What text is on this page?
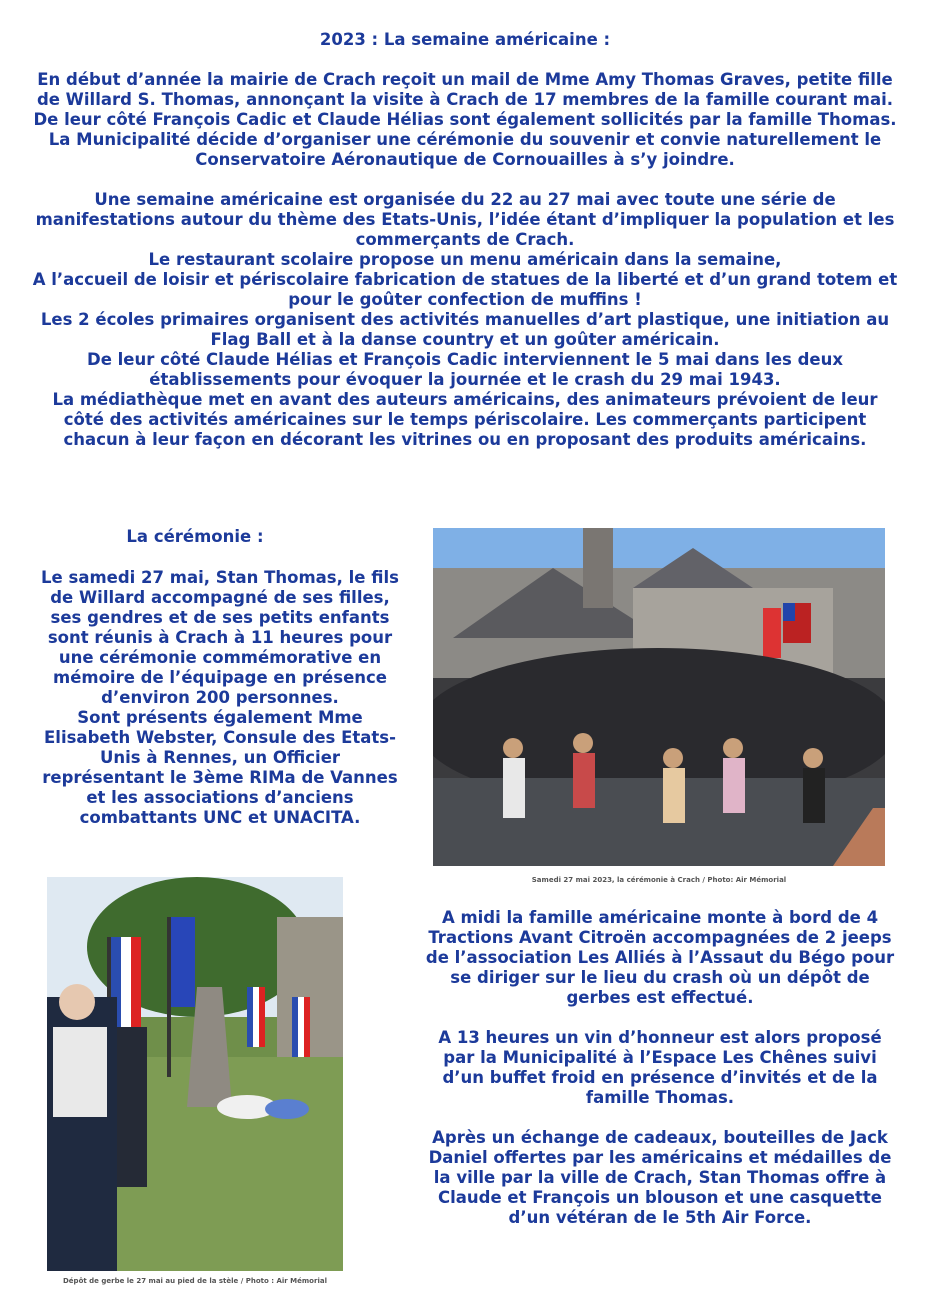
2023 : La semaine américaine :

En début d’année la mairie de Crach reçoit un mail de Mme Amy Thomas Graves, petite fille de Willard S. Thomas, annonçant la visite à Crach de 17 membres de la famille courant mai.

De leur côté François Cadic et Claude Hélias sont également sollicités par la famille Thomas.

La Municipalité décide d’organiser une cérémonie du souvenir et convie naturellement le Conservatoire Aéronautique de Cornouailles à s’y joindre.

Une semaine américaine est organisée du 22 au 27 mai avec toute une série de manifestations autour du thème des Etats-Unis, l’idée étant d’impliquer la population et les commerçants de Crach.

Le restaurant scolaire propose un menu américain dans la semaine,

A l’accueil de loisir et périscolaire fabrication de statues de la liberté et d’un grand totem et pour le goûter confection de muffins !

Les 2 écoles primaires organisent des activités manuelles d’art plastique, une initiation au Flag Ball et à la danse country et un goûter américain.

De leur côté Claude Hélias et François Cadic interviennent le 5 mai dans les deux établissements pour évoquer la journée et le crash du 29 mai 1943.

La médiathèque met en avant des auteurs américains, des animateurs prévoient de leur côté des activités américaines sur le temps périscolaire. Les commerçants participent chacun à leur façon en décorant les vitrines ou en proposant des produits américains.

La cérémonie :

Le samedi 27 mai, Stan Thomas, le fils de Willard accompagné de ses filles, ses gendres et de ses petits enfants sont réunis à Crach à 11 heures pour une cérémonie commémorative en mémoire de l’équipage en présence d’environ 200 personnes.

Sont présents également Mme Elisabeth Webster, Consule des Etats-Unis à Rennes, un Officier représentant le 3ème RIMa de Vannes et les associations d’anciens combattants UNC et UNACITA.

Samedi 27 mai 2023, la cérémonie à Crach / Photo: Air Mémorial

Dépôt de gerbe le 27 mai au pied de la stèle / Photo : Air Mémorial

A midi la famille américaine monte à bord de 4 Tractions Avant Citroën accompagnées de 2 jeeps de l’association Les Alliés à l’Assaut du Bégo pour se diriger sur le lieu du crash où un dépôt de gerbes est effectué.

A 13 heures un vin d’honneur est alors proposé par la Municipalité à l’Espace Les Chênes suivi d’un buffet froid en présence d’invités et de la famille Thomas.

Après un échange de cadeaux, bouteilles de Jack Daniel offertes par les américains et médailles de la ville par la ville de Crach, Stan Thomas offre à Claude et François un blouson et une casquette d’un vétéran de le 5th Air Force.
